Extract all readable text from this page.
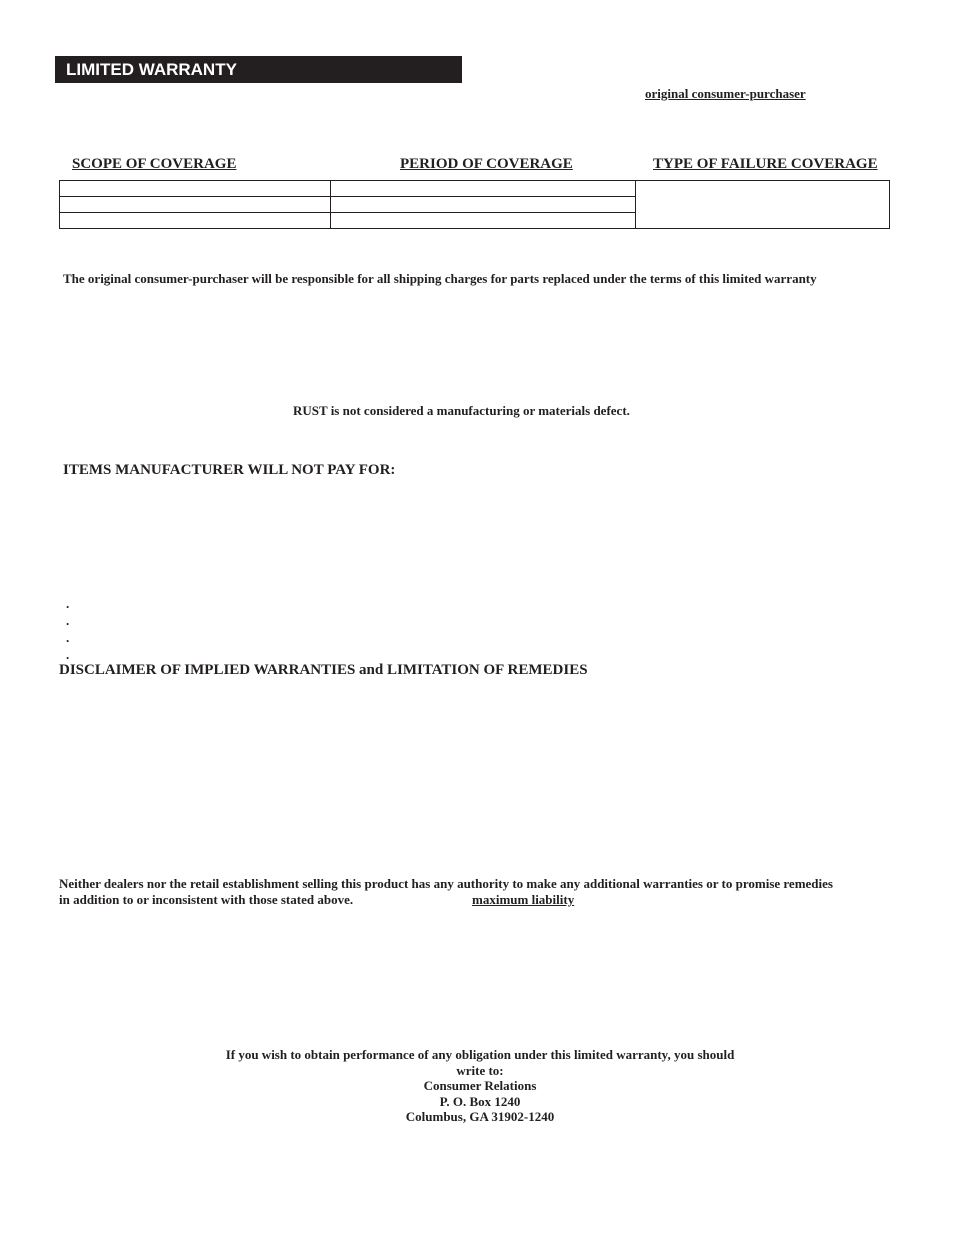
LIMITED WARRANTY
original consumer-purchaser
SCOPE OF COVERAGE	PERIOD OF COVERAGE	TYPE OF FAILURE COVERAGE
The original consumer-purchaser will be responsible for all shipping charges for parts replaced under the terms of this limited warranty
RUST is not considered a manufacturing or materials defect.
ITEMS MANUFACTURER WILL NOT PAY FOR:
.
.
.
.
DISCLAIMER OF IMPLIED WARRANTIES and LIMITATION OF REMEDIES
Neither dealers nor the retail establishment selling this product has any authority to make any additional warranties or to promise remedies
in addition to or inconsistent with those stated above.	maximum liability
If you wish to obtain performance of any obligation under this limited warranty, you should
write to:
Consumer Relations
P. O. Box 1240
Columbus, GA 31902-1240
